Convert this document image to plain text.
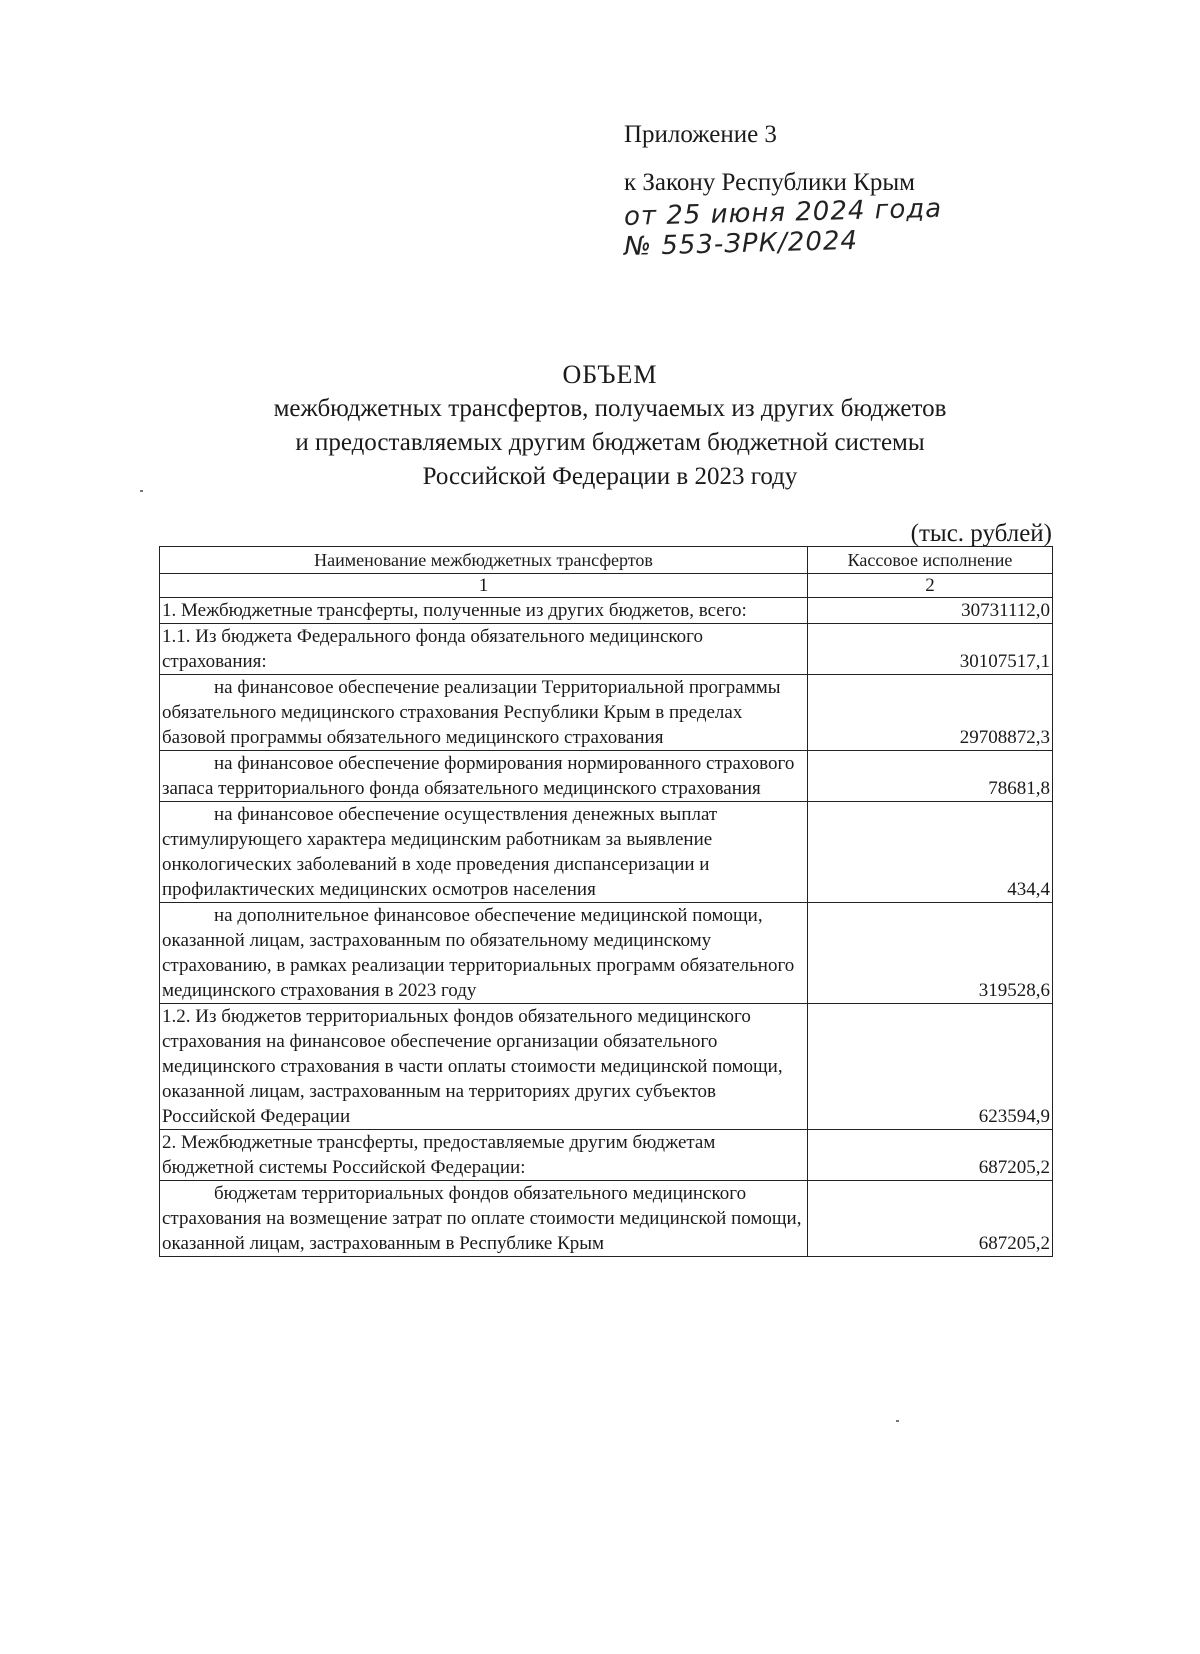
Приложение 3
к Закону Республики Крым
от 25 июня 2024 года
№ 553-ЗРК/2024
ОБЪЕМ
межбюджетных трансфертов, получаемых из других бюджетов
и предоставляемых другим бюджетам бюджетной системы
Российской Федерации в 2023 году
(тыс. рублей)
Наименование межбюджетных трансфертов	Кассовое исполнение
1	2
1. Межбюджетные трансферты, полученные из других бюджетов, всего:	30731112,0
1.1. Из бюджета Федерального фонда обязательного медицинского страхования:	30107517,1
на финансовое обеспечение реализации Территориальной программы обязательного медицинского страхования Республики Крым в пределах базовой программы обязательного медицинского страхования	29708872,3
на финансовое обеспечение формирования нормированного страхового запаса территориального фонда обязательного медицинского страхования	78681,8
на финансовое обеспечение осуществления денежных выплат стимулирующего характера медицинским работникам за выявление онкологических заболеваний в ходе проведения диспансеризации и профилактических медицинских осмотров населения	434,4
на дополнительное финансовое обеспечение медицинской помощи, оказанной лицам, застрахованным по обязательному медицинскому страхованию, в рамках реализации территориальных программ обязательного медицинского страхования в 2023 году	319528,6
1.2. Из бюджетов территориальных фондов обязательного медицинского страхования на финансовое обеспечение организации обязательного медицинского страхования в части оплаты стоимости медицинской помощи, оказанной лицам, застрахованным на территориях других субъектов Российской Федерации	623594,9
2. Межбюджетные трансферты, предоставляемые другим бюджетам бюджетной системы Российской Федерации:	687205,2
бюджетам территориальных фондов обязательного медицинского страхования на возмещение затрат по оплате стоимости медицинской помощи, оказанной лицам, застрахованным в Республике Крым	687205,2
